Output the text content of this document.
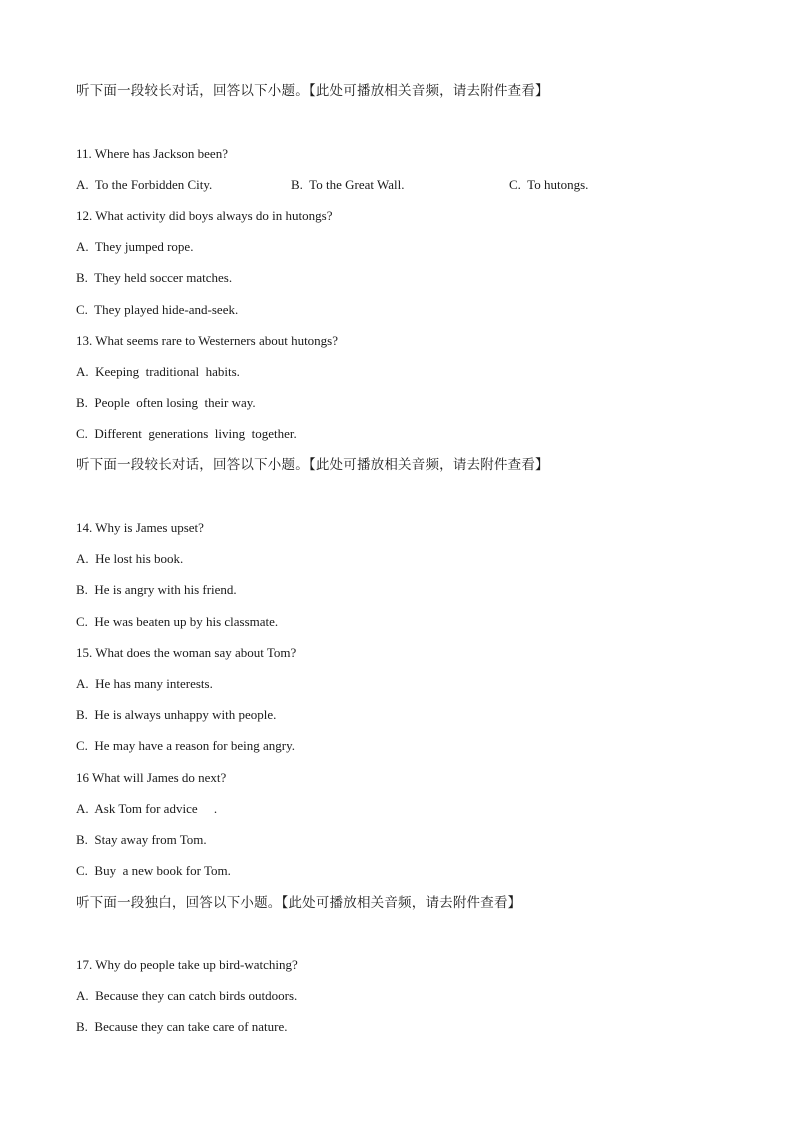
听下面一段较长对话，回答以下小题。【此处可播放相关音频，请去附件查看】
11. Where has Jackson been?
A.  To the Forbidden City.	B.  To the Great Wall.	C.  To hutongs.
12. What activity did boys always do in hutongs?
A.  They jumped rope.
B.  They held soccer matches.
C.  They played hide-and-seek.
13. What seems rare to Westerners about hutongs?
A.  Keeping  traditional  habits.
B.  People  often losing  their way.
C.  Different  generations  living  together.
听下面一段较长对话，回答以下小题。【此处可播放相关音频，请去附件查看】
14. Why is James upset?
A.  He lost his book.
B.  He is angry with his friend.
C.  He was beaten up by his classmate.
15. What does the woman say about Tom?
A.  He has many interests.
B.  He is always unhappy with people.
C.  He may have a reason for being angry.
16 What will James do next?
A.  Ask Tom for advice     .
B.  Stay away from Tom.
C.  Buy  a new book for Tom.
听下面一段独白，回答以下小题。【此处可播放相关音频，请去附件查看】
17. Why do people take up bird-watching?
A.  Because they can catch birds outdoors.
B.  Because they can take care of nature.
